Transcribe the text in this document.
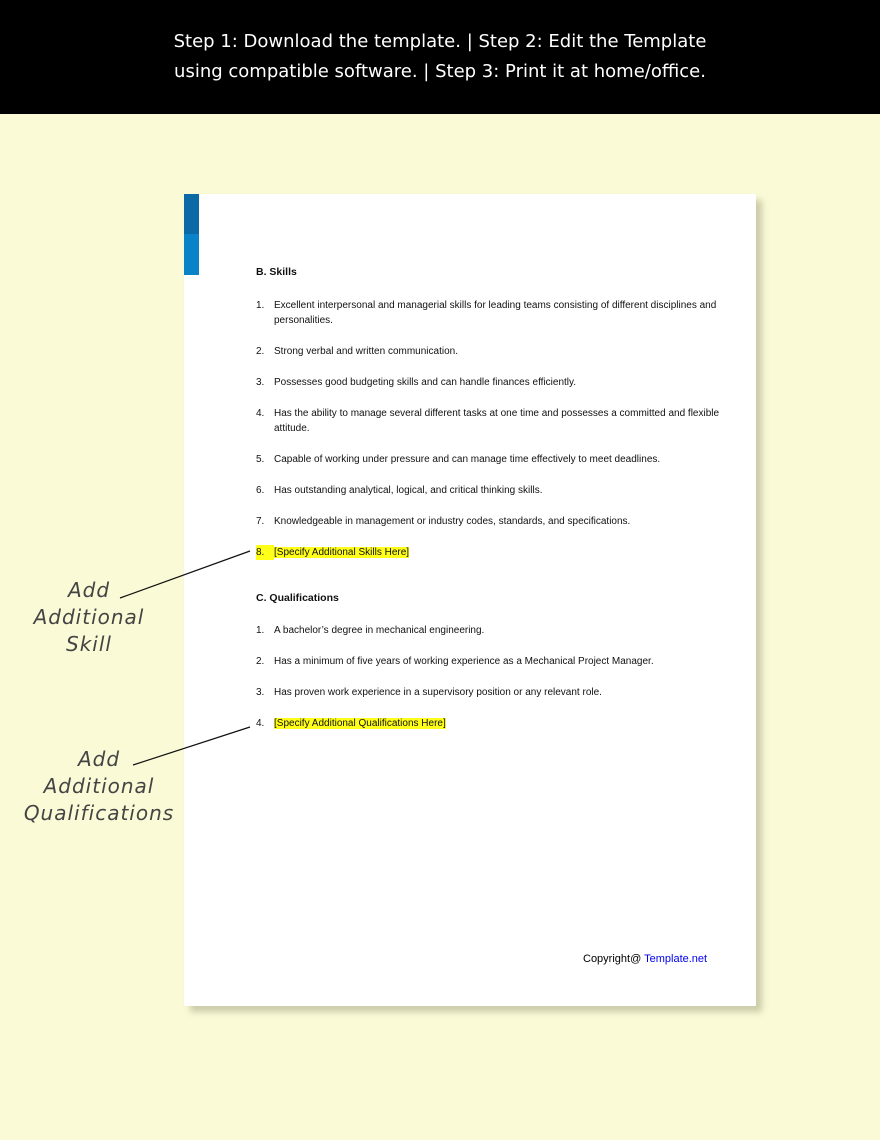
Step 1: Download the template. | Step 2: Edit the Template
using compatible software. | Step 3: Print it at home/office.
B. Skills
1. Excellent interpersonal and managerial skills for leading teams consisting of different disciplines and personalities.
2. Strong verbal and written communication.
3. Possesses good budgeting skills and can handle finances efficiently.
4. Has the ability to manage several different tasks at one time and possesses a committed and flexible attitude.
5. Capable of working under pressure and can manage time effectively to meet deadlines.
6. Has outstanding analytical, logical, and critical thinking skills.
7. Knowledgeable in management or industry codes, standards, and specifications.
8. [Specify Additional Skills Here]
C. Qualifications
1. A bachelor’s degree in mechanical engineering.
2. Has a minimum of five years of working experience as a Mechanical Project Manager.
3. Has proven work experience in a supervisory position or any relevant role.
4. [Specify Additional Qualifications Here]
Copyright@ Template.net
Add
Additional
Skill
Add
Additional
Qualifications
